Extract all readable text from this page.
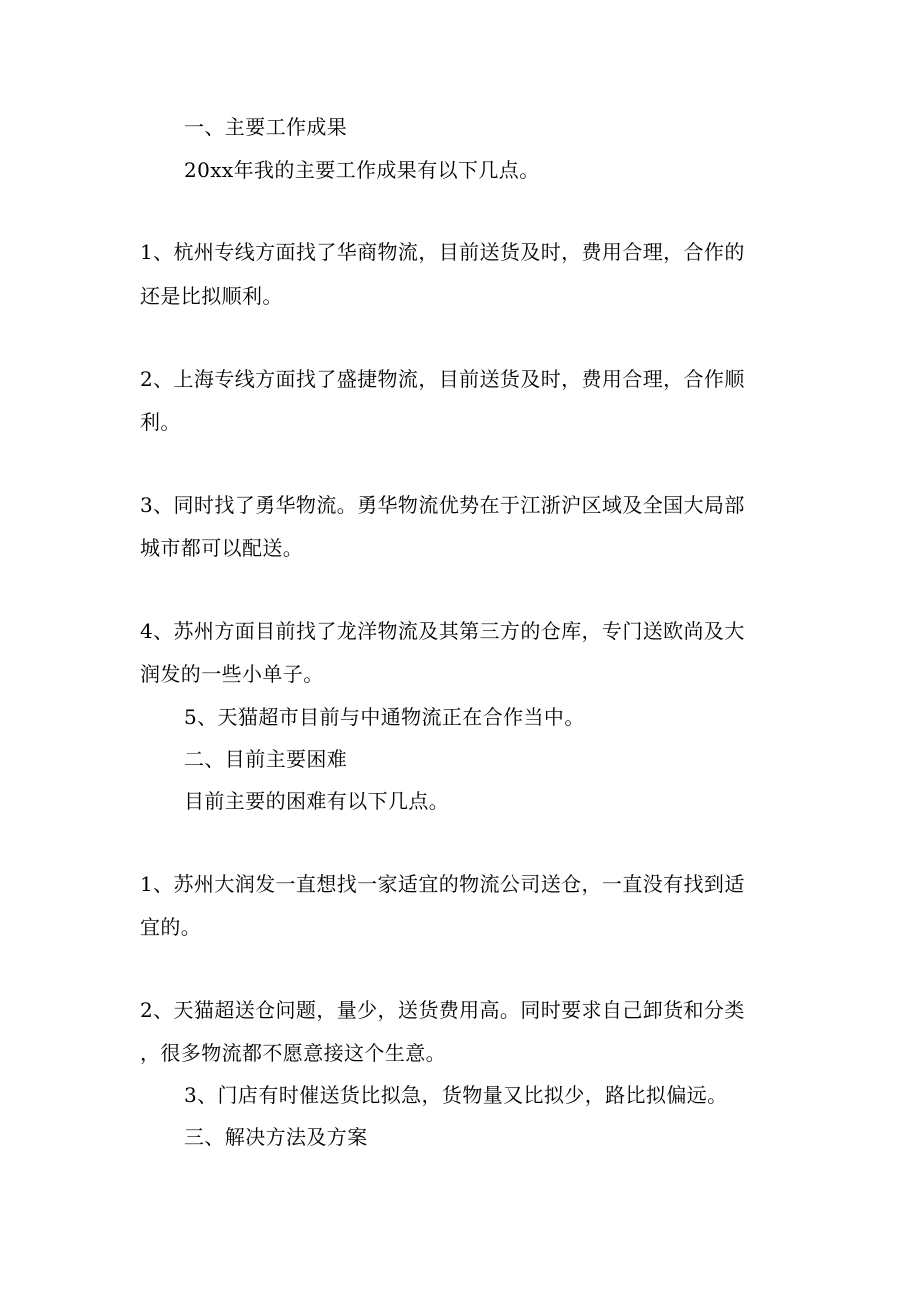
一、主要工作成果
20xx年我的主要工作成果有以下几点。
1、杭州专线方面找了华商物流，目前送货及时，费用合理，合作的
还是比拟顺利。
2、上海专线方面找了盛捷物流，目前送货及时，费用合理，合作顺
利。
3、同时找了勇华物流。勇华物流优势在于江浙沪区域及全国大局部
城市都可以配送。
4、苏州方面目前找了龙洋物流及其第三方的仓库，专门送欧尚及大
润发的一些小单子。
5、天猫超市目前与中通物流正在合作当中。
二、目前主要困难
目前主要的困难有以下几点。
1、苏州大润发一直想找一家适宜的物流公司送仓，一直没有找到适
宜的。
2、天猫超送仓问题，量少，送货费用高。同时要求自己卸货和分类
，很多物流都不愿意接这个生意。
3、门店有时催送货比拟急，货物量又比拟少，路比拟偏远。
三、解决方法及方案
